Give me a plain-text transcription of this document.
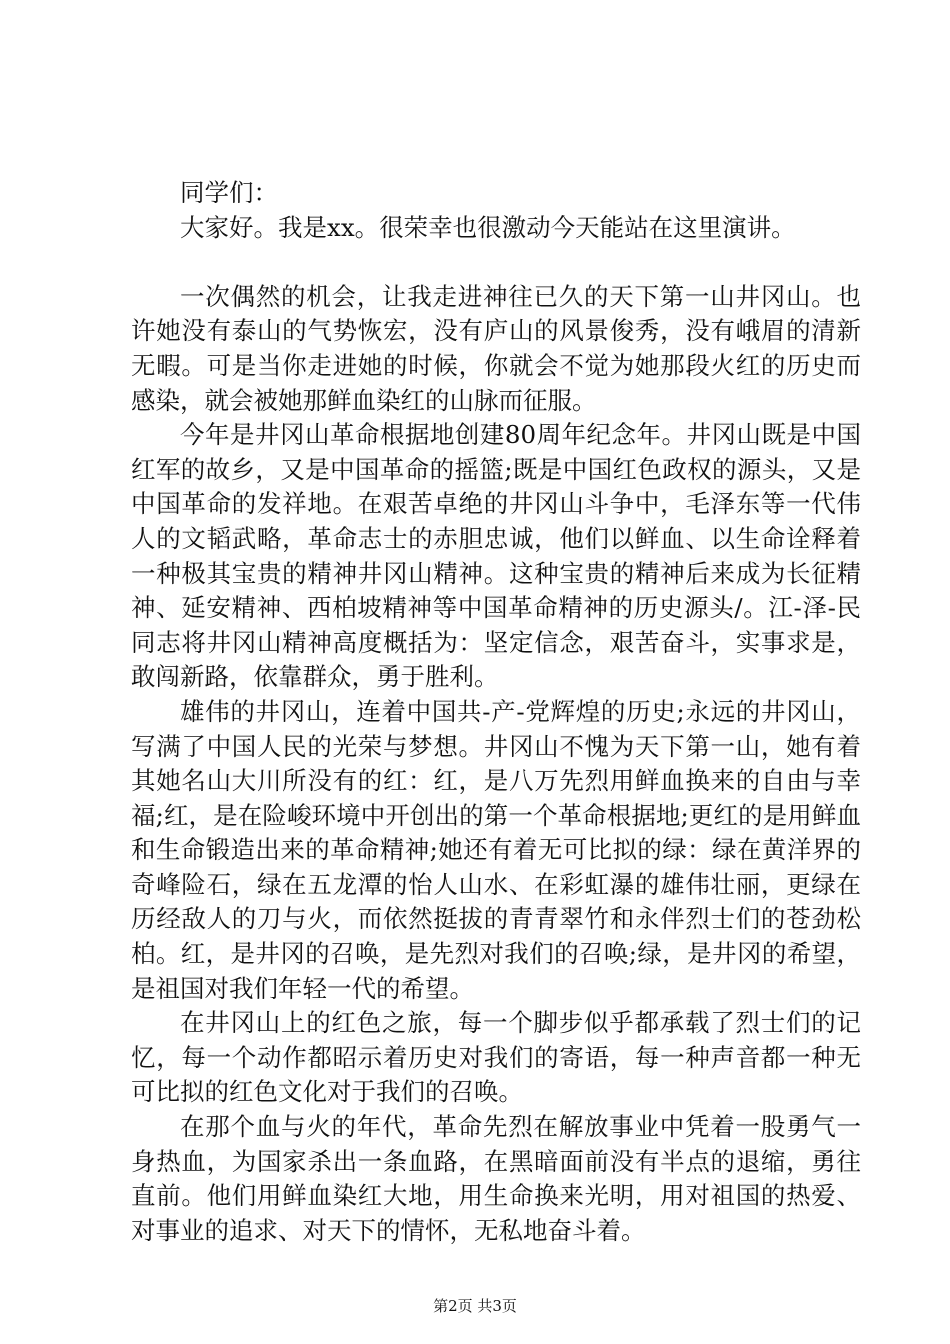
同学们：

大家好。我是xx。很荣幸也很激动今天能站在这里演讲。

一次偶然的机会，让我走进神往已久的天下第一山井冈山。也许她没有泰山的气势恢宏，没有庐山的风景俊秀，没有峨眉的清新无暇。可是当你走进她的时候，你就会不觉为她那段火红的历史而感染，就会被她那鲜血染红的山脉而征服。

今年是井冈山革命根据地创建80周年纪念年。井冈山既是中国红军的故乡，又是中国革命的摇篮;既是中国红色政权的源头，又是中国革命的发祥地。在艰苦卓绝的井冈山斗争中，毛泽东等一代伟人的文韬武略，革命志士的赤胆忠诚，他们以鲜血、以生命诠释着一种极其宝贵的精神井冈山精神。这种宝贵的精神后来成为长征精神、延安精神、西柏坡精神等中国革命精神的历史源头/。江-泽-民同志将井冈山精神高度概括为：坚定信念，艰苦奋斗，实事求是，敢闯新路，依靠群众，勇于胜利。

雄伟的井冈山，连着中国共-产-党辉煌的历史;永远的井冈山，写满了中国人民的光荣与梦想。井冈山不愧为天下第一山，她有着其她名山大川所没有的红：红，是八万先烈用鲜血换来的自由与幸福;红，是在险峻环境中开创出的第一个革命根据地;更红的是用鲜血和生命锻造出来的革命精神;她还有着无可比拟的绿：绿在黄洋界的奇峰险石，绿在五龙潭的怡人山水、在彩虹瀑的雄伟壮丽，更绿在历经敌人的刀与火，而依然挺拔的青青翠竹和永伴烈士们的苍劲松柏。红，是井冈的召唤，是先烈对我们的召唤;绿，是井冈的希望，是祖国对我们年轻一代的希望。

在井冈山上的红色之旅，每一个脚步似乎都承载了烈士们的记忆，每一个动作都昭示着历史对我们的寄语，每一种声音都一种无可比拟的红色文化对于我们的召唤。

在那个血与火的年代，革命先烈在解放事业中凭着一股勇气一身热血，为国家杀出一条血路，在黑暗面前没有半点的退缩，勇往直前。他们用鲜血染红大地，用生命换来光明，用对祖国的热爱、对事业的追求、对天下的情怀，无私地奋斗着。

第2页 共3页
